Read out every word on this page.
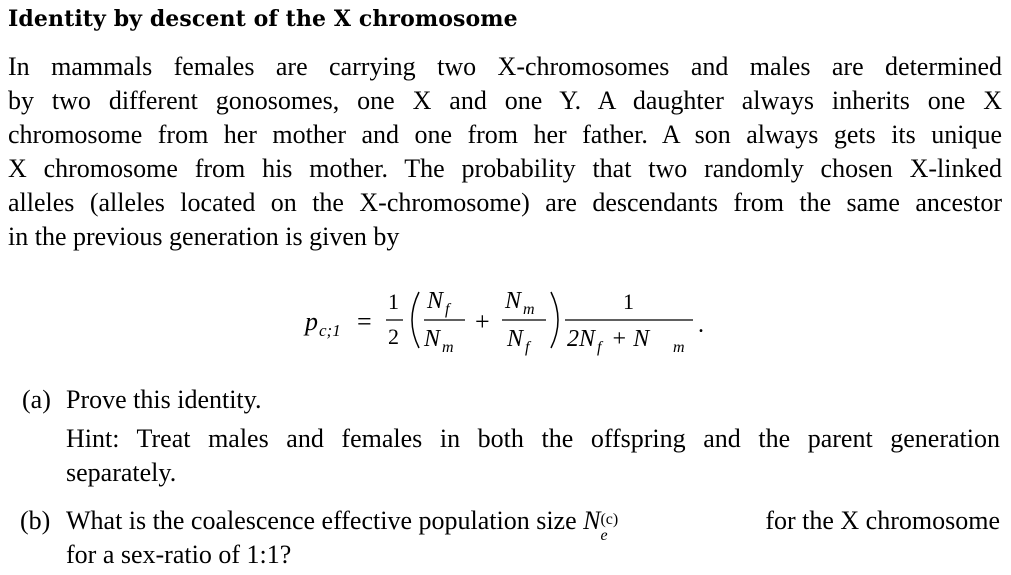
Identity by descent of the X chromosome
In mammals females are carrying two X-chromosomes and males are determined
by two different gonosomes, one X and one Y. A daughter always inherits one X
chromosome from her mother and one from her father. A son always gets its unique
X chromosome from his mother. The probability that two randomly chosen X-linked
alleles (alleles located on the X-chromosome) are descendants from the same ancestor
in the previous generation is given by
p c;1 =
1
2
N f
N m
+
N m
N f
1
2N f + N m
.
(a) Prove this identity.
Hint: Treat males and females in both the offspring and the parent generation
separately.
(b) What is the coalescence effective population size N (c)
e
for the X chromosome
for a sex-ratio of 1:1?
